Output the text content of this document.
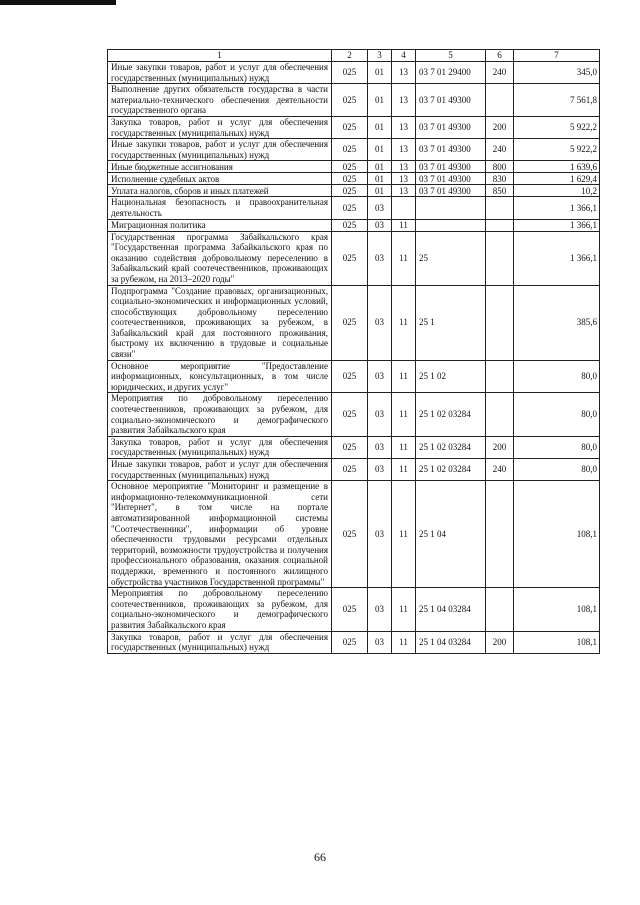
1	2	3	4	5	6	7
Иные закупки товаров, работ и услуг для обеспечения государственных (муниципальных) нужд	025	01	13	03 7 01 29400	240	345,0
Выполнение других обязательств государства в части материально-технического обеспечения деятельности государственного органа	025	01	13	03 7 01 49300		7 561,8
Закупка товаров, работ и услуг для обеспечения государственных (муниципальных) нужд	025	01	13	03 7 01 49300	200	5 922,2
Иные закупки товаров, работ и услуг для обеспечения государственных (муниципальных) нужд	025	01	13	03 7 01 49300	240	5 922,2
Иные бюджетные ассигнования	025	01	13	03 7 01 49300	800	1 639,6
Исполнение судебных актов	025	01	13	03 7 01 49300	830	1 629,4
Уплата налогов, сборов и иных платежей	025	01	13	03 7 01 49300	850	10,2
Национальная безопасность и правоохранительная деятельность	025	03				1 366,1
Миграционная политика	025	03	11			1 366,1
Государственная программа Забайкальского края "Государственная программа Забайкальского края по оказанию содействия добровольному переселению в Забайкальский край соотечественников, проживающих за рубежом, на 2013–2020 годы"	025	03	11	25		1 366,1
Подпрограмма "Создание правовых, организационных, социально-экономических и информационных условий, способствующих добровольному переселению соотечественников, проживающих за рубежом, в Забайкальский край для постоянного проживания, быстрому их включению в трудовые и социальные связи"	025	03	11	25 1		385,6
Основное мероприятие "Предоставление информационных, консультационных, в том числе юридических, и других услуг"	025	03	11	25 1 02		80,0
Мероприятия по добровольному переселению соотечественников, проживающих за рубежом, для социально-экономического и демографического развития Забайкальского края	025	03	11	25 1 02 03284		80,0
Закупка товаров, работ и услуг для обеспечения государственных (муниципальных) нужд	025	03	11	25 1 02 03284	200	80,0
Иные закупки товаров, работ и услуг для обеспечения государственных (муниципальных) нужд	025	03	11	25 1 02 03284	240	80,0
Основное мероприятие "Мониторинг и размещение в информационно-телекоммуникационной сети "Интернет", в том числе на портале автоматизированной информационной системы "Соотечественники", информации об уровне обеспеченности трудовыми ресурсами отдельных территорий, возможности трудоустройства и получения профессионального образования, оказания социальной поддержки, временного и постоянного жилищного обустройства участников Государственной программы"	025	03	11	25 1 04		108,1
Мероприятия по добровольному переселению соотечественников, проживающих за рубежом, для социально-экономического и демографического развития Забайкальского края	025	03	11	25 1 04 03284		108,1
Закупка товаров, работ и услуг для обеспечения государственных (муниципальных) нужд	025	03	11	25 1 04 03284	200	108,1
66
